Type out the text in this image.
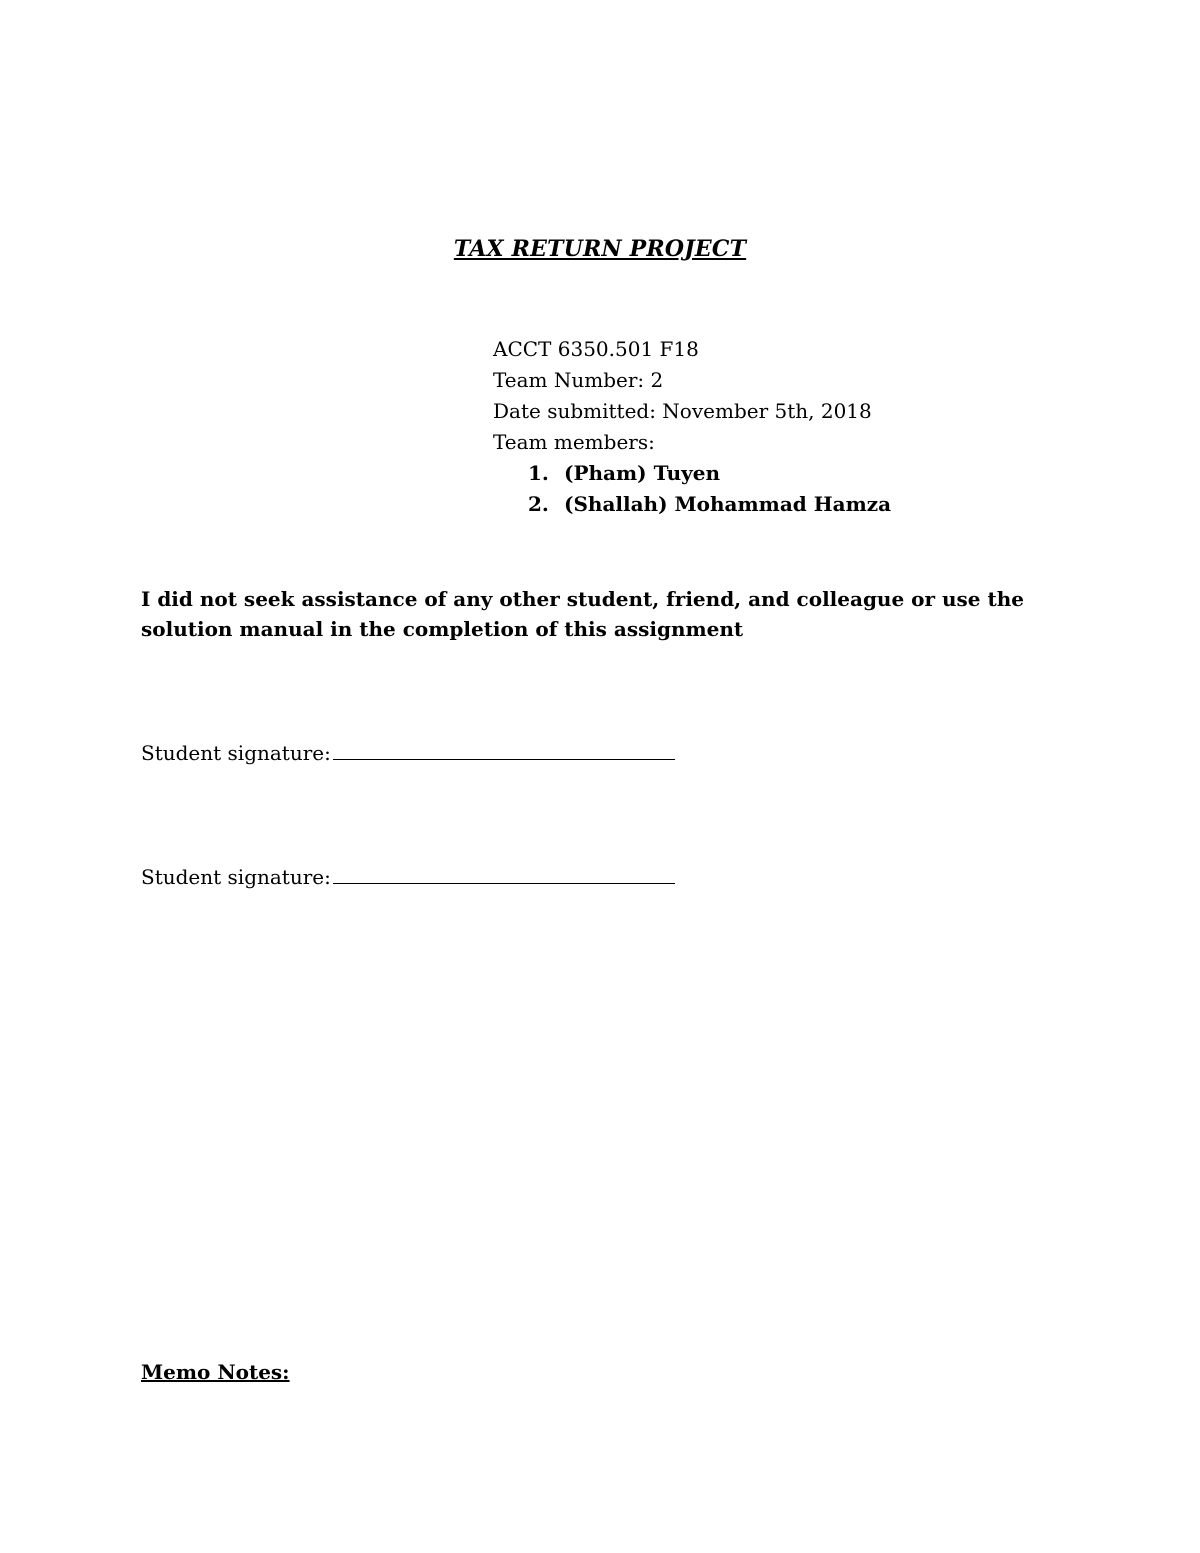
TAX RETURN PROJECT
ACCT 6350.501 F18
Team Number: 2
Date submitted: November 5th, 2018
Team members:
1. (Pham) Tuyen
2. (Shallah) Mohammad Hamza
I did not seek assistance of any other student, friend, and colleague or use the solution manual in the completion of this assignment
Student signature:
Student signature:
Memo Notes:
